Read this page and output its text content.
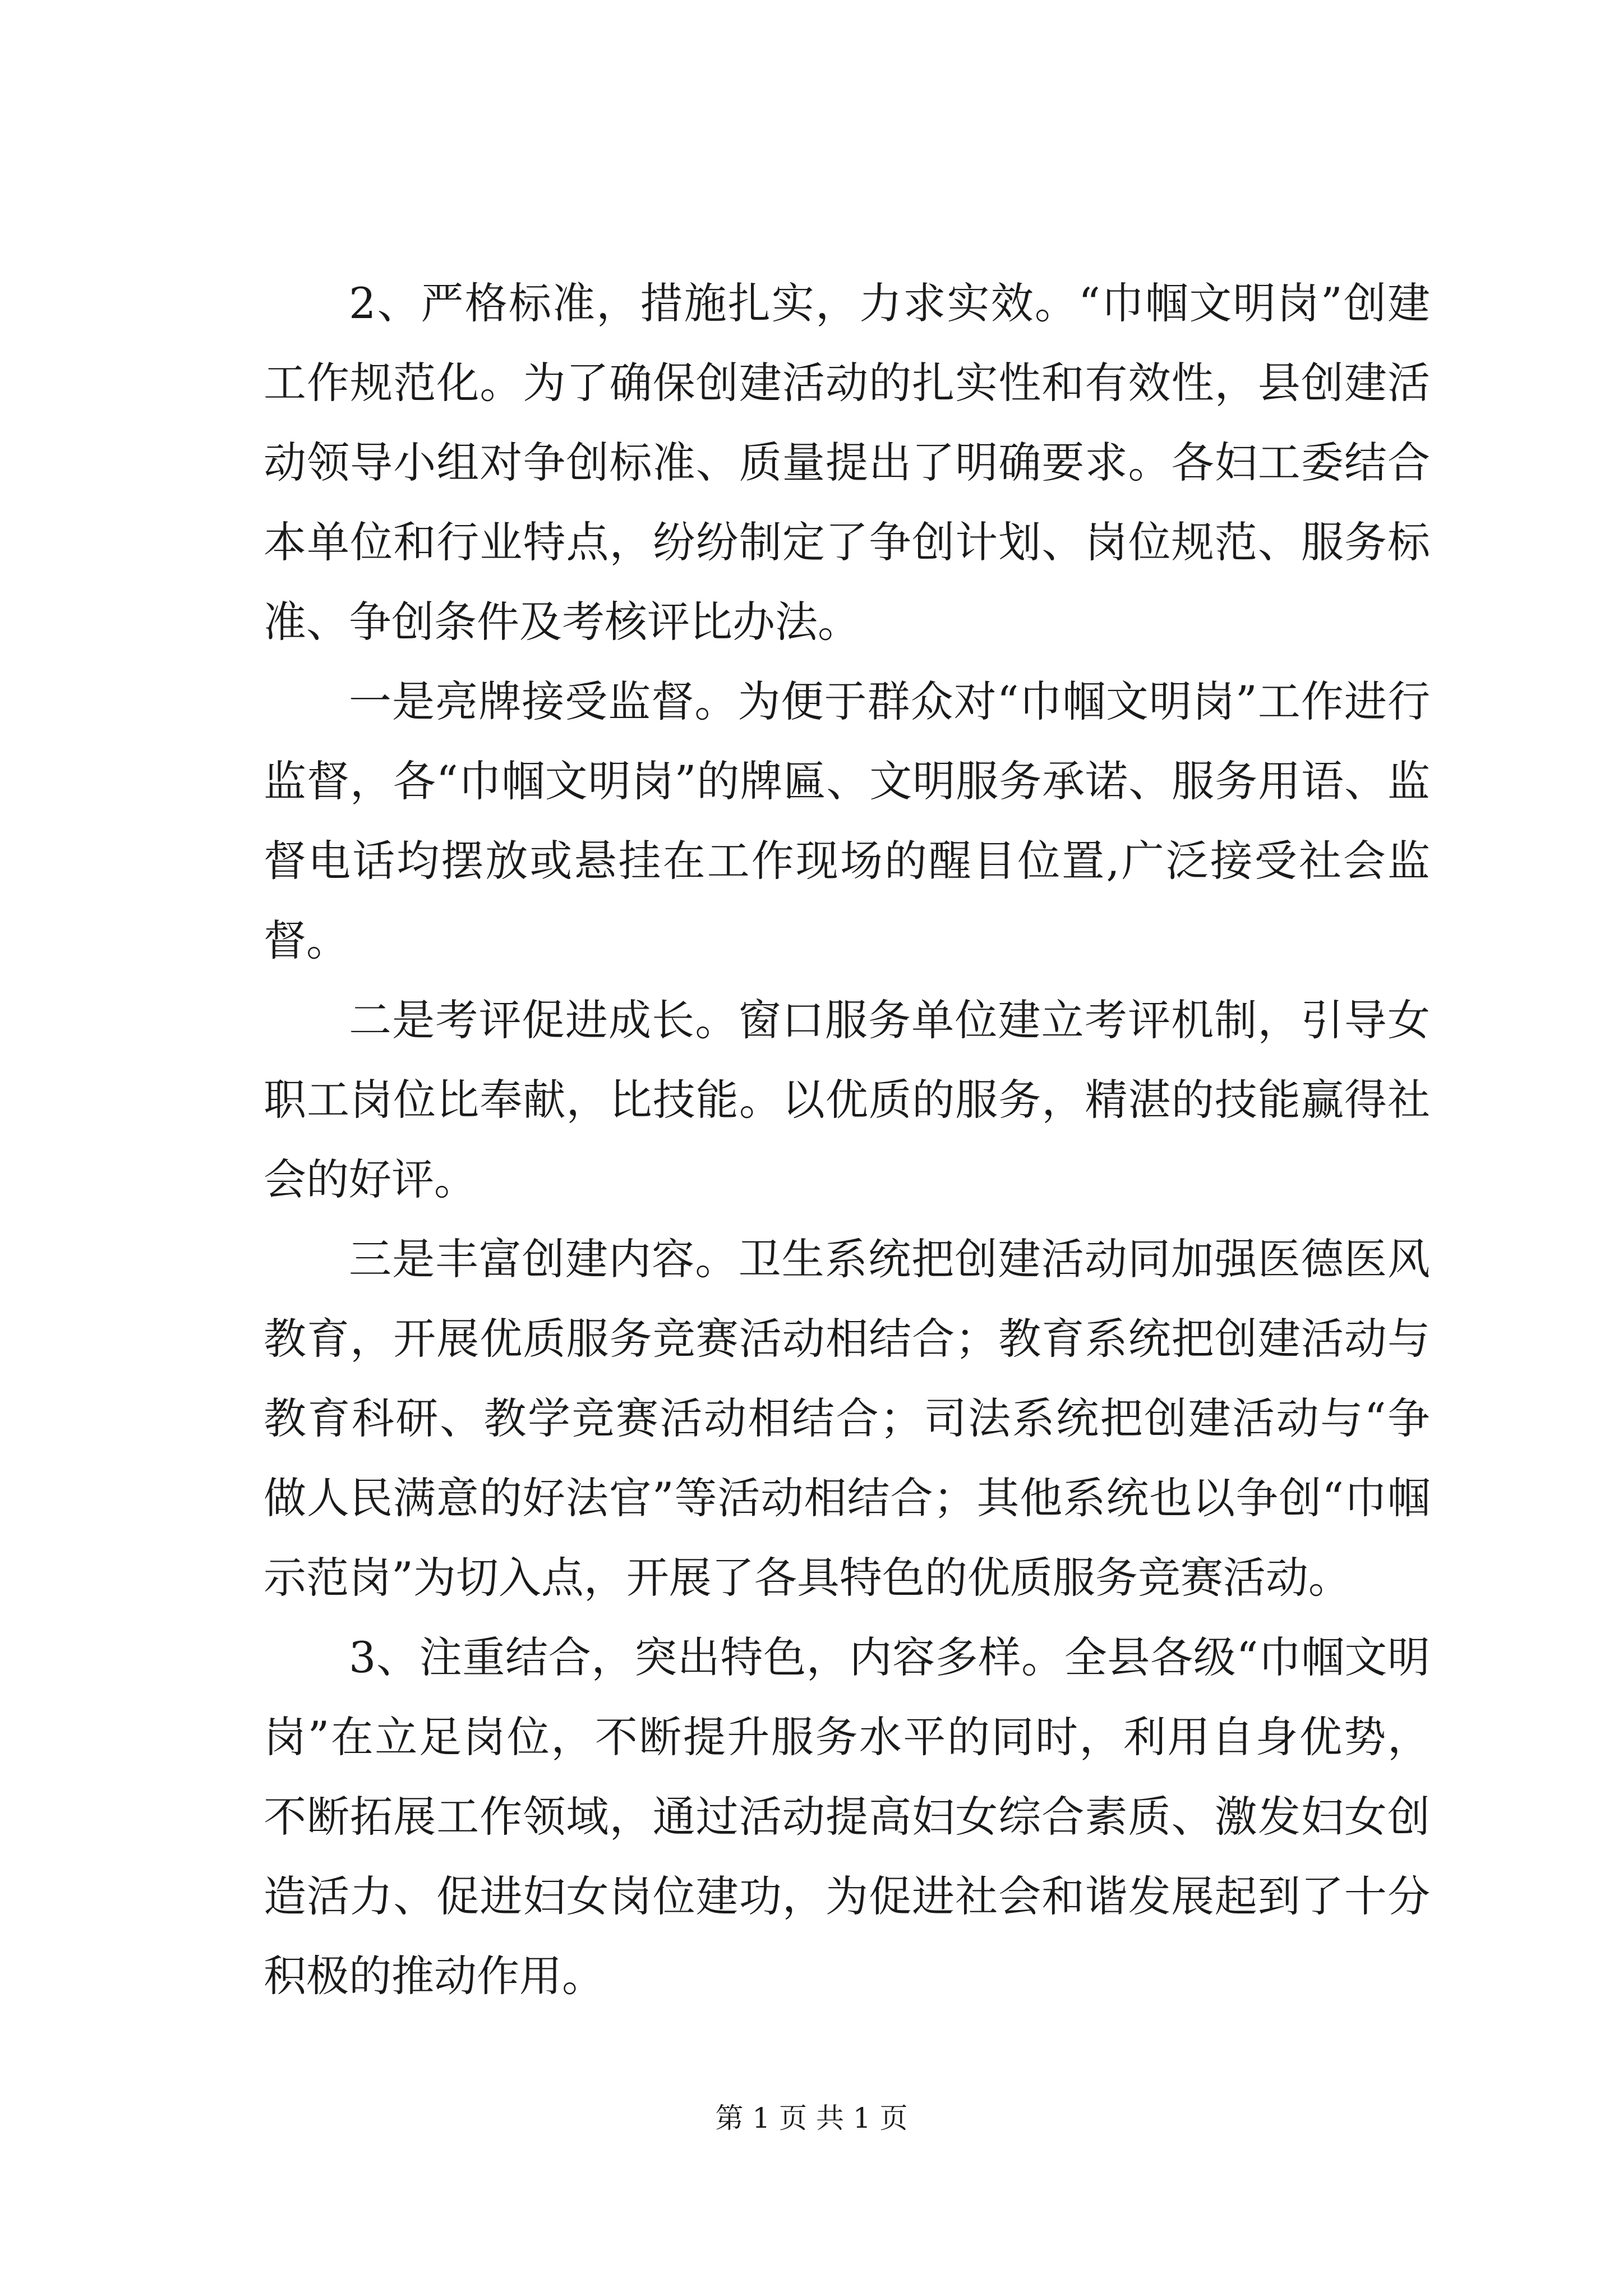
2、严格标准，措施扎实，力求实效。“巾帼文明岗”创建工作规范化。为了确保创建活动的扎实性和有效性，县创建活动领导小组对争创标准、质量提出了明确要求。各妇工委结合本单位和行业特点，纷纷制定了争创计划、岗位规范、服务标准、争创条件及考核评比办法。

一是亮牌接受监督。为便于群众对“巾帼文明岗”工作进行监督，各“巾帼文明岗”的牌匾、文明服务承诺、服务用语、监督电话均摆放或悬挂在工作现场的醒目位置,广泛接受社会监督。

二是考评促进成长。窗口服务单位建立考评机制，引导女职工岗位比奉献，比技能。以优质的服务，精湛的技能赢得社会的好评。

三是丰富创建内容。卫生系统把创建活动同加强医德医风教育，开展优质服务竞赛活动相结合；教育系统把创建活动与教育科研、教学竞赛活动相结合；司法系统把创建活动与“争做人民满意的好法官”等活动相结合；其他系统也以争创“巾帼示范岗”为切入点，开展了各具特色的优质服务竞赛活动。

3、注重结合，突出特色，内容多样。全县各级“巾帼文明岗”在立足岗位，不断提升服务水平的同时，利用自身优势，不断拓展工作领域，通过活动提高妇女综合素质、激发妇女创造活力、促进妇女岗位建功，为促进社会和谐发展起到了十分积极的推动作用。

第 1 页 共 1 页
